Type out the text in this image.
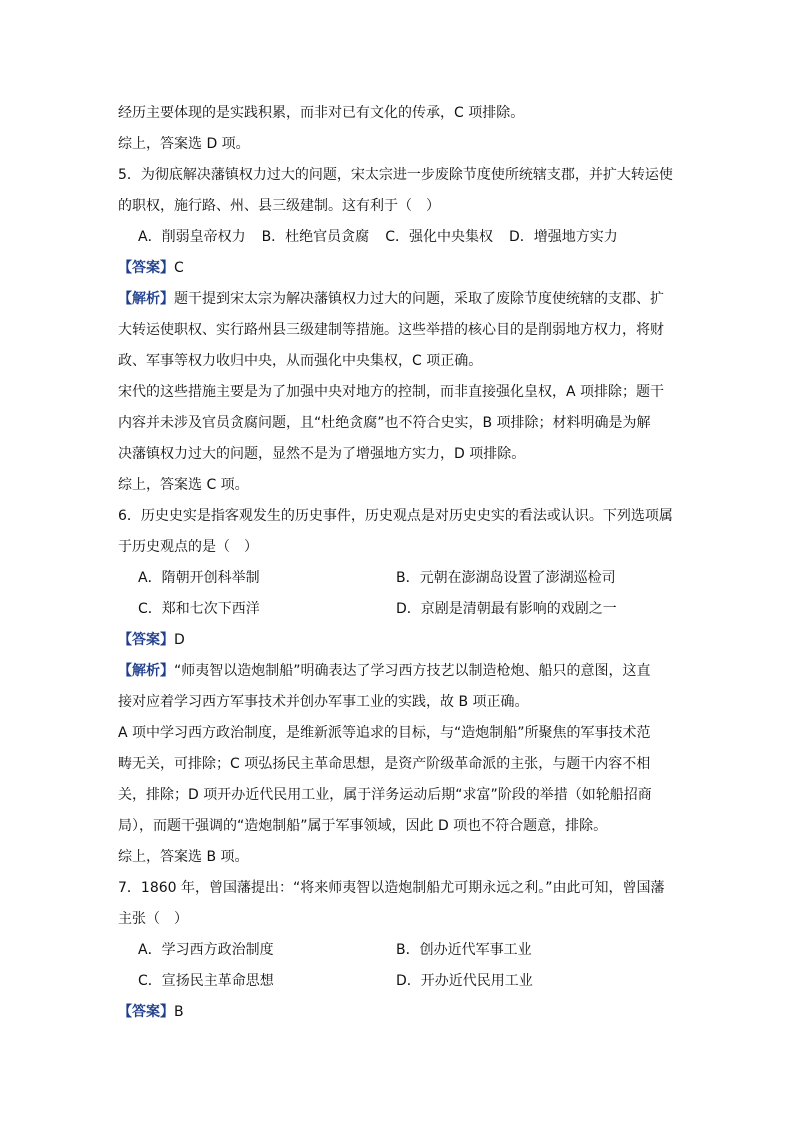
经历主要体现的是实践积累，而非对已有文化的传承，C 项排除。
综上，答案选 D 项。
5．为彻底解决藩镇权力过大的问题，宋太宗进一步废除节度使所统辖支郡，并扩大转运使
的职权，施行路、州、县三级建制。这有利于（　）
A．削弱皇帝权力 B．杜绝官员贪腐 C．强化中央集权 D．增强地方实力
【答案】C
【解析】题干提到宋太宗为解决藩镇权力过大的问题，采取了废除节度使统辖的支郡、扩
大转运使职权、实行路州县三级建制等措施。这些举措的核心目的是削弱地方权力，将财
政、军事等权力收归中央，从而强化中央集权，C 项正确。
宋代的这些措施主要是为了加强中央对地方的控制，而非直接强化皇权，A 项排除；题干
内容并未涉及官员贪腐问题，且“杜绝贪腐”也不符合史实，B 项排除；材料明确是为解
决藩镇权力过大的问题，显然不是为了增强地方实力，D 项排除。
综上，答案选 C 项。
6．历史史实是指客观发生的历史事件，历史观点是对历史史实的看法或认识。下列选项属
于历史观点的是（　）
A．隋朝开创科举制	B．元朝在澎湖岛设置了澎湖巡检司
C．郑和七次下西洋	D．京剧是清朝最有影响的戏剧之一
【答案】D
【解析】“师夷智以造炮制船”明确表达了学习西方技艺以制造枪炮、船只的意图，这直
接对应着学习西方军事技术并创办军事工业的实践，故 B 项正确。
A 项中学习西方政治制度，是维新派等追求的目标，与“造炮制船”所聚焦的军事技术范
畴无关，可排除；C 项弘扬民主革命思想，是资产阶级革命派的主张，与题干内容不相
关，排除；D 项开办近代民用工业，属于洋务运动后期“求富”阶段的举措（如轮船招商
局），而题干强调的“造炮制船”属于军事领域，因此 D 项也不符合题意，排除。
综上，答案选 B 项。
7．1860 年，曾国藩提出：“将来师夷智以造炮制船尤可期永远之利。”由此可知，曾国藩
主张（　）
A．学习西方政治制度	B．创办近代军事工业
C．宣扬民主革命思想	D．开办近代民用工业
【答案】B
